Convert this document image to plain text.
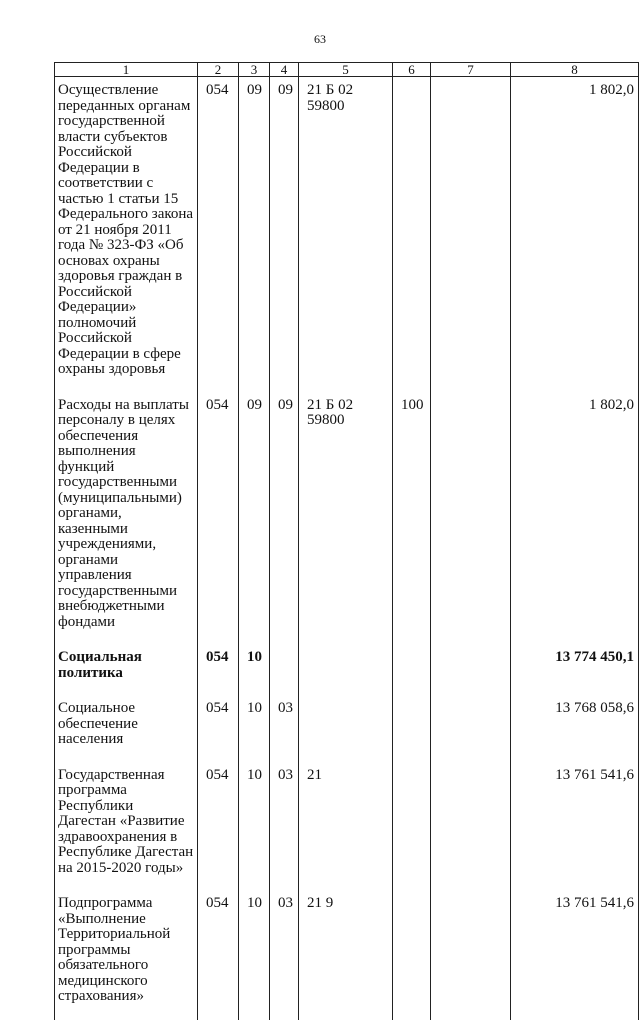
63
1	2	3	4	5	6	7	8

Осуществление переданных органам государственной власти субъектов Российской Федерации в соответствии с частью 1 статьи 15 Федерального закона от 21 ноября 2011 года № 323-ФЗ «Об основах охраны здоровья граждан в Российской Федерации» полномочий Российской Федерации в сфере охраны здоровья	054	09	09	21 Б 02 59800			1 802,0

Расходы на выплаты персоналу в целях обеспечения выполнения функций государственными (муниципальными) органами, казенными учреждениями, органами управления государственными внебюджетными фондами	054	09	09	21 Б 02 59800	100		1 802,0

Социальная политика	054	10					13 774 450,1

Социальное обеспечение населения	054	10	03				13 768 058,6

Государственная программа Республики Дагестан «Развитие здравоохранения в Республике Дагестан на 2015-2020 годы»	054	10	03	21			13 761 541,6

Подпрограмма «Выполнение Территориальной программы обязательного медицинского страхования»	054	10	03	21 9			13 761 541,6
